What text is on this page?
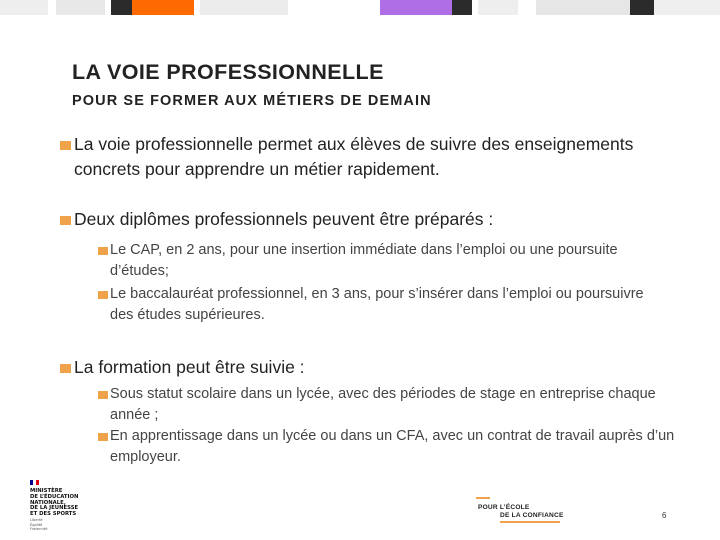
LA VOIE PROFESSIONNELLE
POUR SE FORMER AUX MÉTIERS DE DEMAIN
La voie professionnelle permet aux élèves de suivre des enseignements concrets pour apprendre un métier rapidement.
Deux diplômes professionnels peuvent être préparés :
Le CAP, en 2 ans, pour une insertion immédiate dans l’emploi ou une poursuite d’études;
Le baccalauréat professionnel, en 3 ans, pour s’insérer dans l’emploi ou poursuivre des études supérieures.
La formation peut être suivie :
Sous statut scolaire dans un lycée, avec des périodes de stage en entreprise chaque année ;
En apprentissage dans un lycée ou dans un CFA, avec un contrat de travail auprès d’un employeur.
MINISTÈRE
DE L’ÉDUCATION
NATIONALE,
DE LA JEUNESSE
ET DES SPORTS
Liberté
Égalité
Fraternité
POUR L’ÉCOLE
DE LA CONFIANCE	6
